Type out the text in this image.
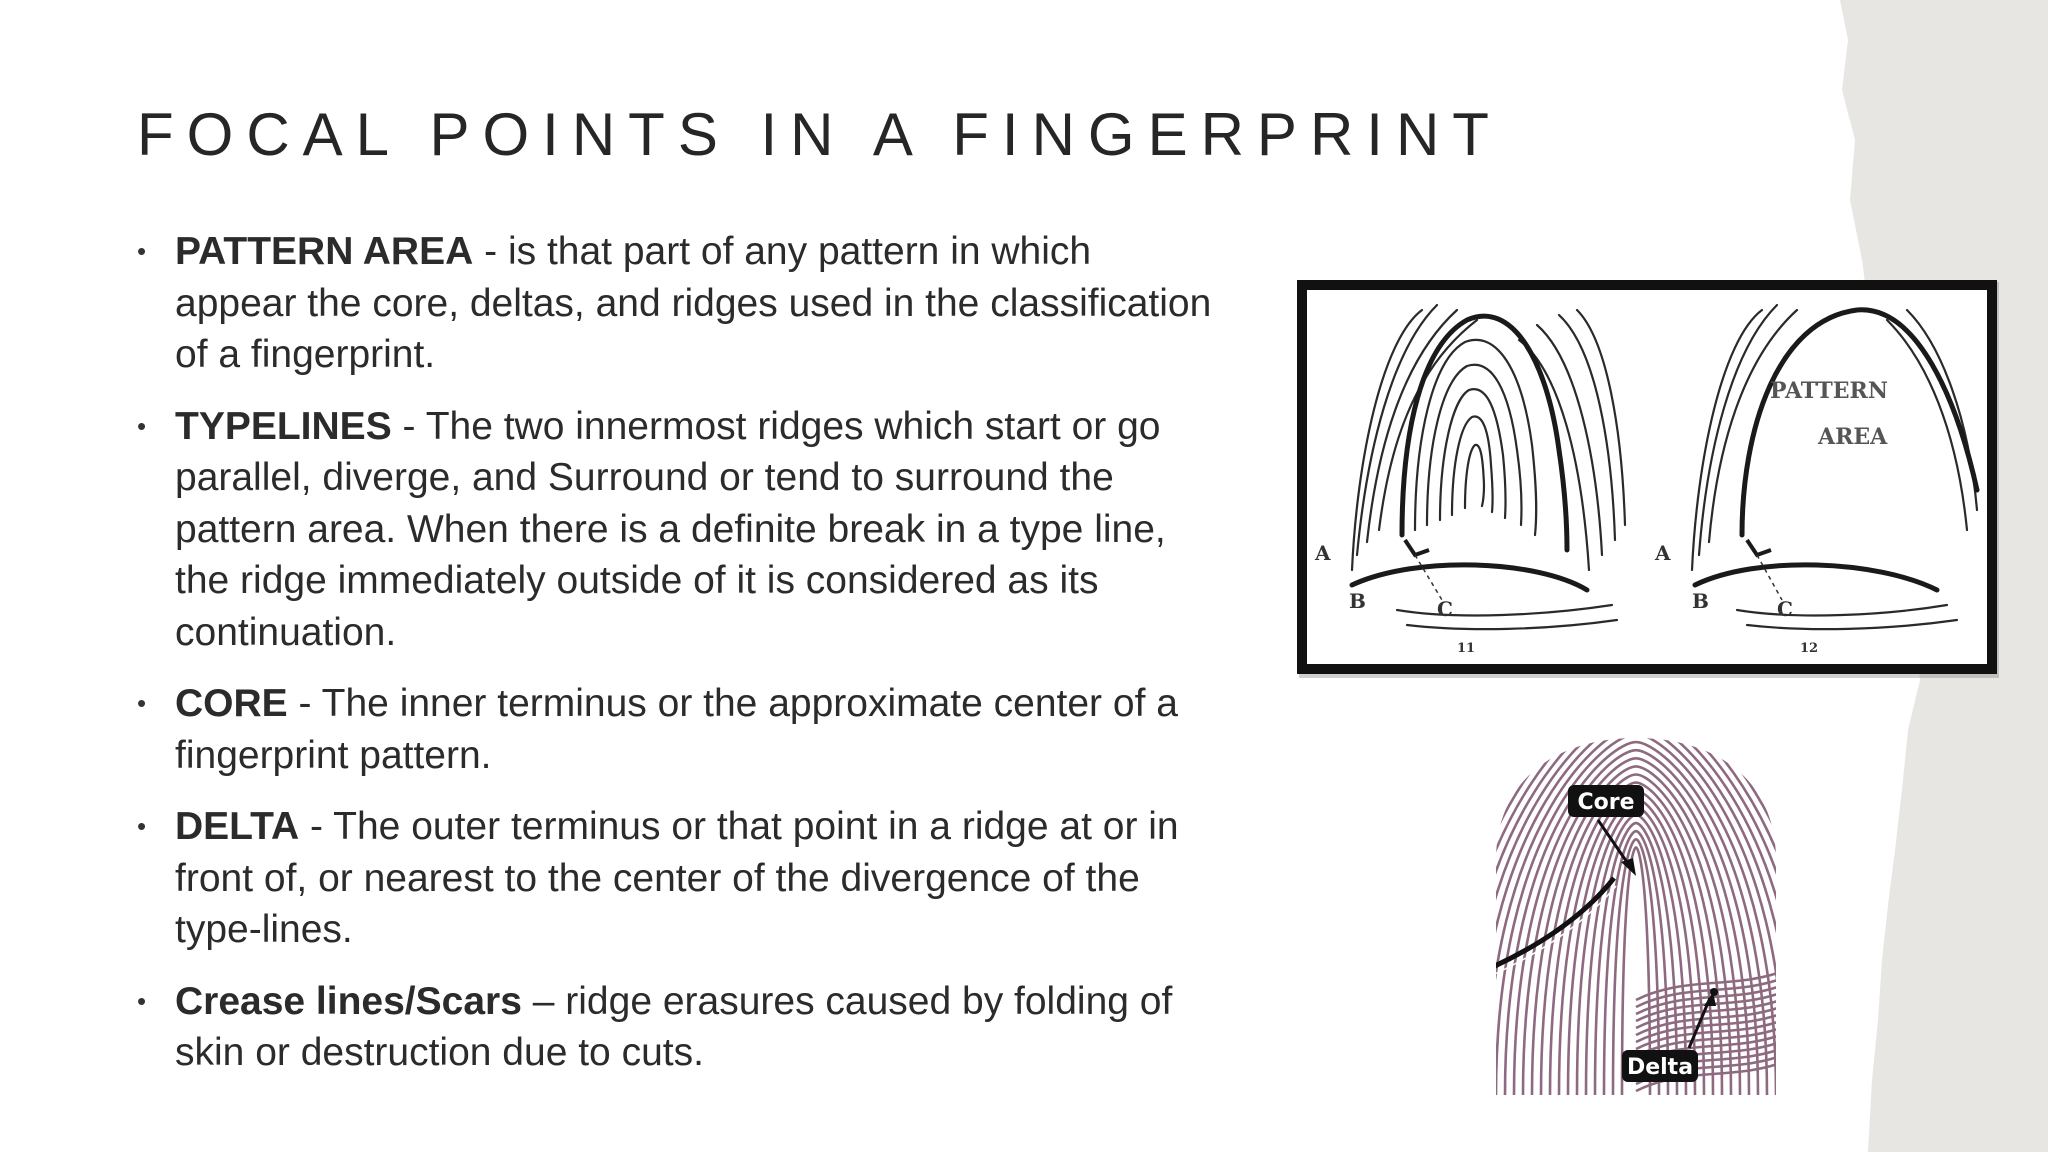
FOCAL POINTS IN A FINGERPRINT
• PATTERN AREA - is that part of any pattern in which appear the core, deltas, and ridges used in the classification of a fingerprint.
• TYPELINES - The two innermost ridges which start or go parallel, diverge, and Surround or tend to surround the pattern area. When there is a definite break in a type line, the ridge immediately outside of it is considered as its continuation.
• CORE - The inner terminus or the approximate center of a fingerprint pattern.
• DELTA - The outer terminus or that point in a ridge at or in front of, or nearest to the center of the divergence of the type-lines.
• Crease lines/Scars – ridge erasures caused by folding of skin or destruction due to cuts.
A
B	C
11
PATTERN
AREA
A
B	C
12
Core
Delta
